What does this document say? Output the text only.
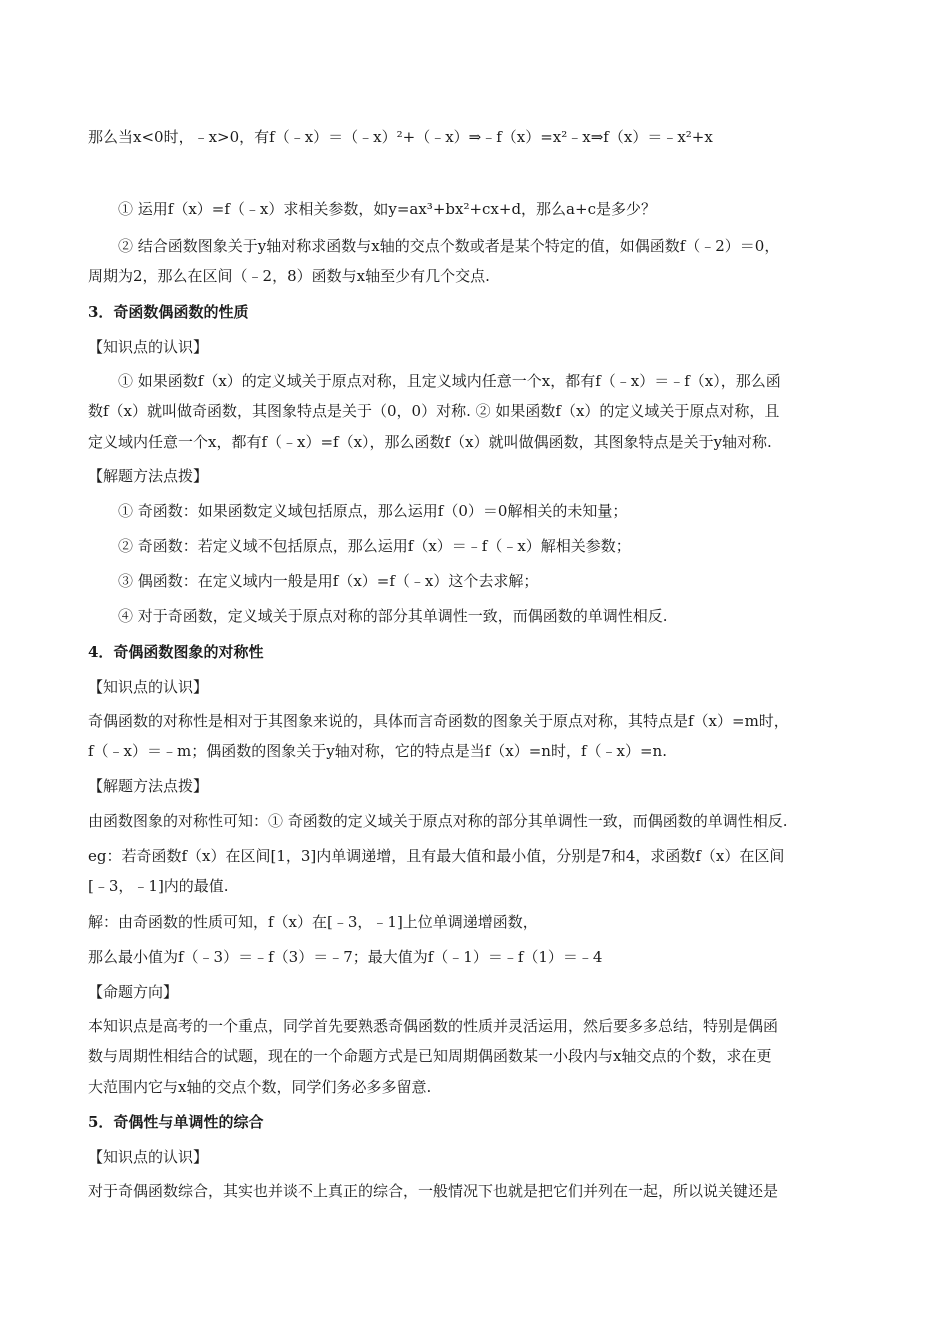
那么当x<0时，﹣x>0，有f（﹣x）＝（﹣x）²+（﹣x）⇒﹣f（x）=x²﹣x⇒f（x）＝﹣x²+x
① 运用f（x）=f（﹣x）求相关参数，如y=ax³+bx²+cx+d，那么a+c是多少？
② 结合函数图象关于y轴对称求函数与x轴的交点个数或者是某个特定的值，如偶函数f（﹣2）＝0，
周期为2，那么在区间（﹣2，8）函数与x轴至少有几个交点.
3．奇函数偶函数的性质
【知识点的认识】
① 如果函数f（x）的定义域关于原点对称，且定义域内任意一个x，都有f（﹣x）＝﹣f（x），那么函
数f（x）就叫做奇函数，其图象特点是关于（0，0）对称. ② 如果函数f（x）的定义域关于原点对称，且
定义域内任意一个x，都有f（﹣x）=f（x），那么函数f（x）就叫做偶函数，其图象特点是关于y轴对称.
【解题方法点拨】
① 奇函数：如果函数定义域包括原点，那么运用f（0）＝0解相关的未知量；
② 奇函数：若定义域不包括原点，那么运用f（x）＝﹣f（﹣x）解相关参数；
③ 偶函数：在定义域内一般是用f（x）=f（﹣x）这个去求解；
④ 对于奇函数，定义域关于原点对称的部分其单调性一致，而偶函数的单调性相反.
4．奇偶函数图象的对称性
【知识点的认识】
奇偶函数的对称性是相对于其图象来说的，具体而言奇函数的图象关于原点对称，其特点是f（x）=m时，
f（﹣x）＝﹣m；偶函数的图象关于y轴对称，它的特点是当f（x）=n时，f（﹣x）=n.
【解题方法点拨】
由函数图象的对称性可知：① 奇函数的定义域关于原点对称的部分其单调性一致，而偶函数的单调性相反.
eg：若奇函数f（x）在区间[1，3]内单调递增，且有最大值和最小值，分别是7和4，求函数f（x）在区间
[﹣3，﹣1]内的最值.
解：由奇函数的性质可知，f（x）在[﹣3，﹣1]上位单调递增函数，
那么最小值为f（﹣3）＝﹣f（3）＝﹣7；最大值为f（﹣1）＝﹣f（1）＝﹣4
【命题方向】
本知识点是高考的一个重点，同学首先要熟悉奇偶函数的性质并灵活运用，然后要多多总结，特别是偶函
数与周期性相结合的试题，现在的一个命题方式是已知周期偶函数某一小段内与x轴交点的个数，求在更
大范围内它与x轴的交点个数，同学们务必多多留意.
5．奇偶性与单调性的综合
【知识点的认识】
对于奇偶函数综合，其实也并谈不上真正的综合，一般情况下也就是把它们并列在一起，所以说关键还是
